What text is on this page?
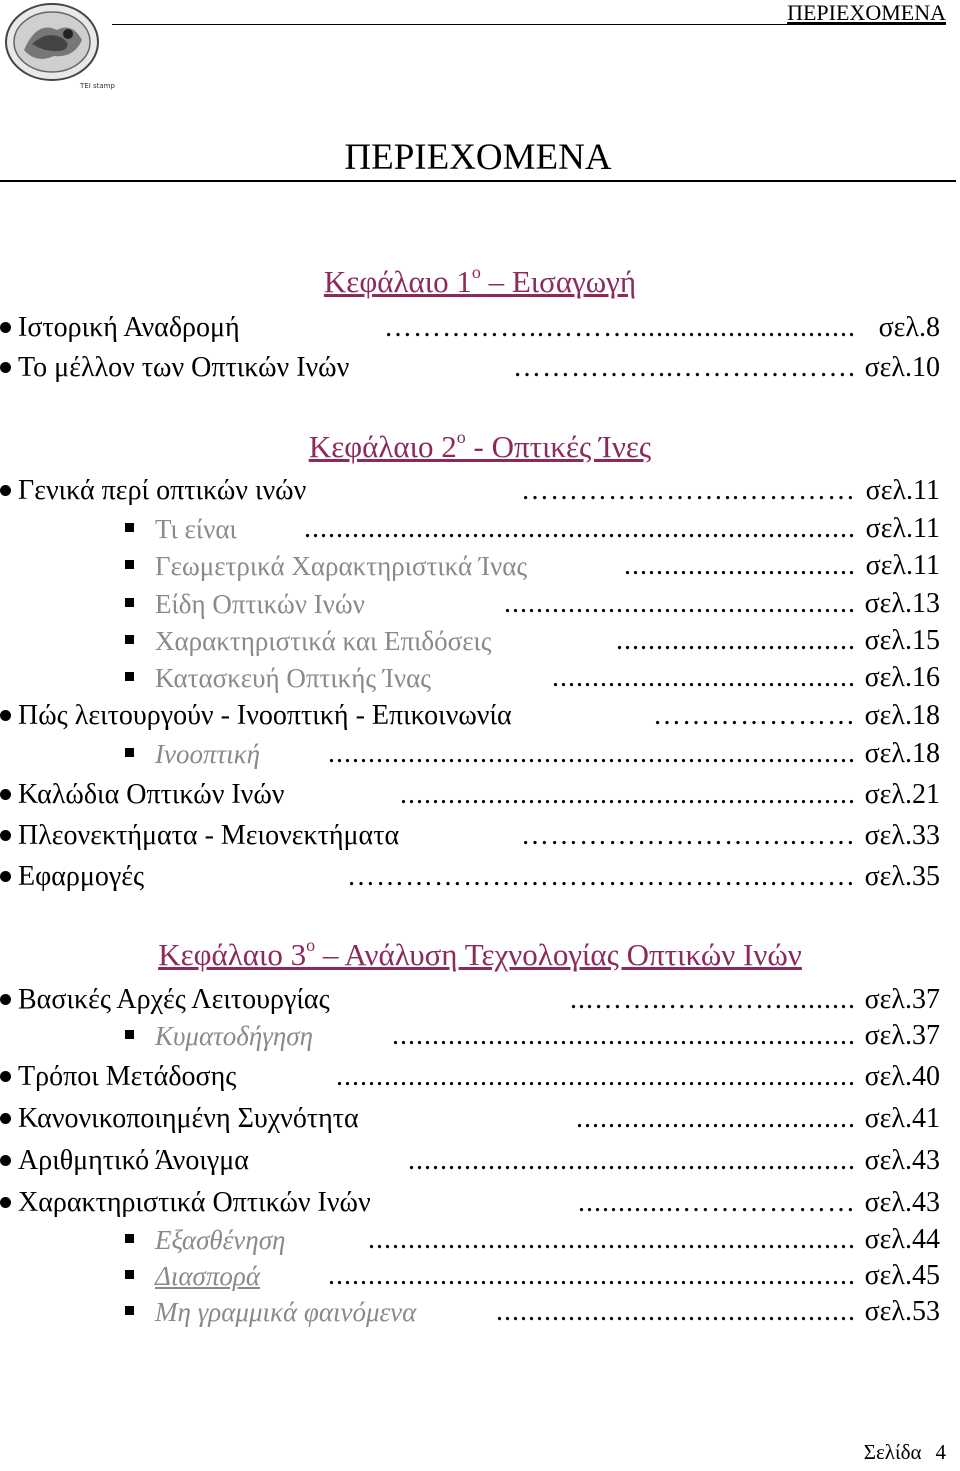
TEI stamp
ΠΕΡΙΕΧΟΜΕΝΑ
ΠΕΡΙΕΧΟΜΕΝΑ
Κεφάλαιο $1^o$ – Εισαγωγή
Ιστορική Αναδρομή	……………..………............................ σελ.8
Το μέλλον των Οπτικών Ινών	……………..………………. σελ.10
Κεφάλαιο $2^o$ - Οπτικές Ίνες
Γενικά περί οπτικών ινών	…………………..………… σελ.11
Τι είναι	..................................................................... σελ.11
Γεωμετρικά Χαρακτηριστικά Ίνας	............................. σελ.11
Είδη Οπτικών Ινών	............................................ σελ.13
Χαρακτηριστικά και Επιδόσεις	.............................. σελ.15
Κατασκευή Οπτικής Ίνας	...................................... σελ.16
Πώς λειτουργούν - Ινοοπτική - Επικοινωνία	………………… σελ.18
Ινοοπτική	.................................................................. σελ.18
Καλώδια Οπτικών Ινών	......................................................... σελ.21
Πλεονεκτήματα - Μειονεκτήματα	………………………..…… σελ.33
Εφαρμογές	……………………………………..……… σελ.35
Κεφάλαιο $3^o$ – Ανάλυση Τεχνολογίας Οπτικών Ινών
Βασικές Αρχές Λειτουργίας	...……..…………......... σελ.37
Κυματοδήγηση	.......................................................... σελ.37
Τρόποι Μετάδοσης	................................................................. σελ.40
Κανονικοποιημένη Συχνότητα	................................... σελ.41
Αριθμητικό Άνοιγμα	........................................................ σελ.43
Χαρακτηριστικά Οπτικών Ινών	.............……………… σελ.43
Εξασθένηση	............................................................. σελ.44
Διασπορά	.................................................................. σελ.45
Μη γραμμικά φαινόμενα	............................................. σελ.53
Σελίδα 4
